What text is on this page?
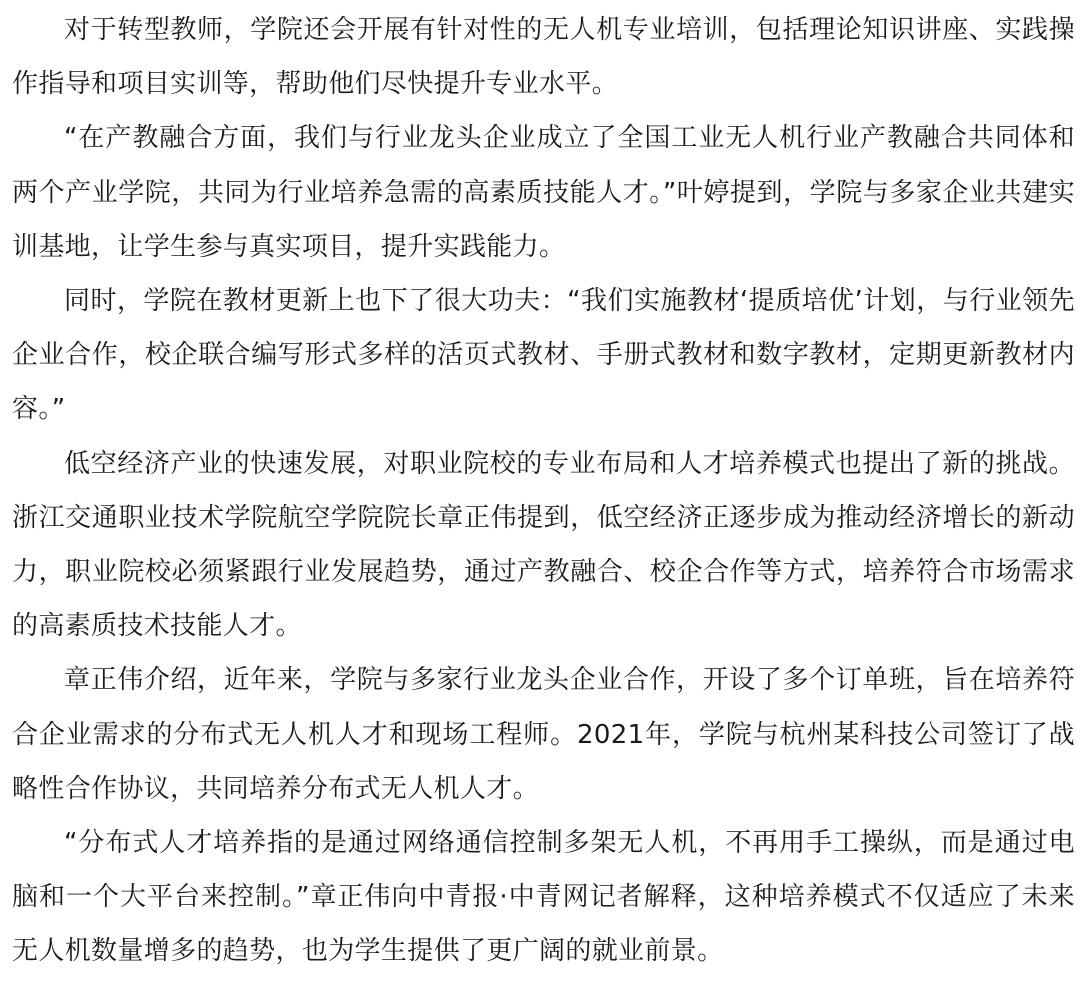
对于转型教师，学院还会开展有针对性的无人机专业培训，包括理论知识讲座、实践操作指导和项目实训等，帮助他们尽快提升专业水平。

“在产教融合方面，我们与行业龙头企业成立了全国工业无人机行业产教融合共同体和两个产业学院，共同为行业培养急需的高素质技能人才。”叶婷提到，学院与多家企业共建实训基地，让学生参与真实项目，提升实践能力。

同时，学院在教材更新上也下了很大功夫：“我们实施教材‘提质培优’计划，与行业领先企业合作，校企联合编写形式多样的活页式教材、手册式教材和数字教材，定期更新教材内容。”

低空经济产业的快速发展，对职业院校的专业布局和人才培养模式也提出了新的挑战。浙江交通职业技术学院航空学院院长章正伟提到，低空经济正逐步成为推动经济增长的新动力，职业院校必须紧跟行业发展趋势，通过产教融合、校企合作等方式，培养符合市场需求的高素质技术技能人才。

章正伟介绍，近年来，学院与多家行业龙头企业合作，开设了多个订单班，旨在培养符合企业需求的分布式无人机人才和现场工程师。2021年，学院与杭州某科技公司签订了战略性合作协议，共同培养分布式无人机人才。

“分布式人才培养指的是通过网络通信控制多架无人机，不再用手工操纵，而是通过电脑和一个大平台来控制。”章正伟向中青报·中青网记者解释，这种培养模式不仅适应了未来无人机数量增多的趋势，也为学生提供了更广阔的就业前景。
